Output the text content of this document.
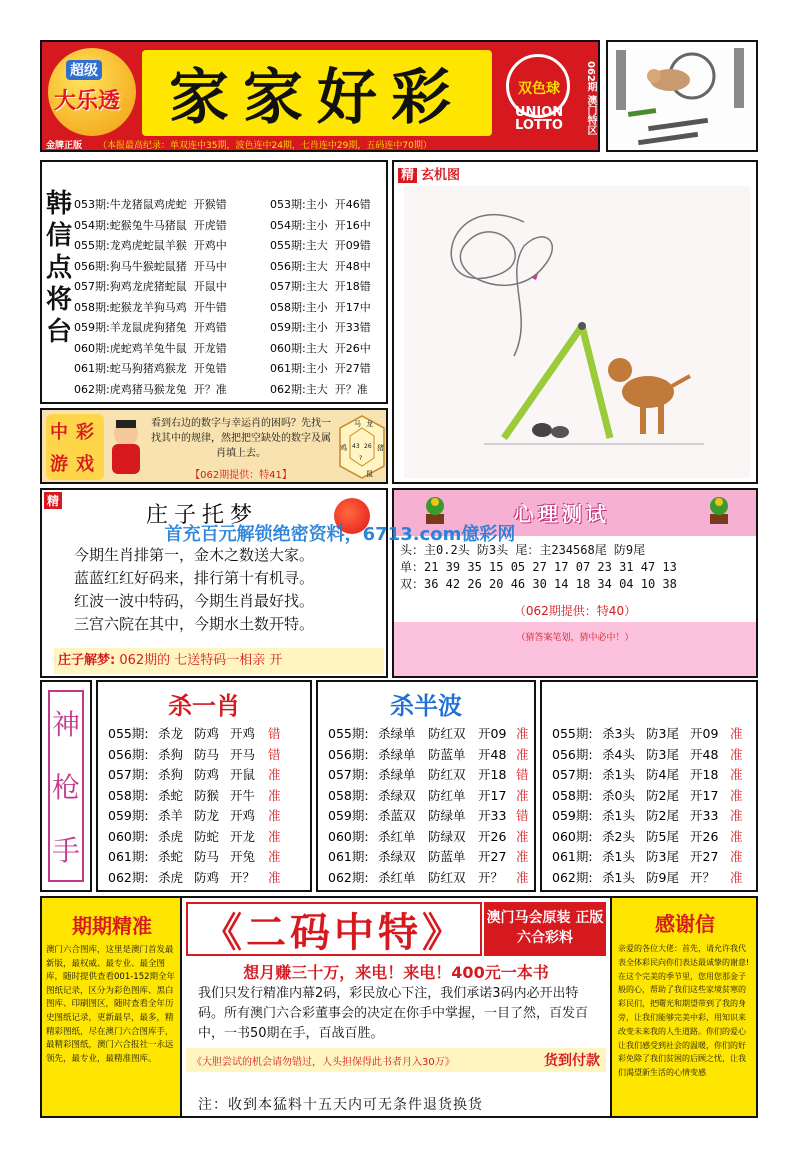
超级
大乐透 家家好彩	双色球
UNION LOTTO
金牌正版 （本报最高纪录：单双连中35期，波色连中24期，七肖连中29期，五码连中70期）
062期 澳门特区
韩信点将台
053期:牛龙猪鼠鸡虎蛇  开猴错
054期:蛇猴兔牛马猪鼠  开虎错
055期:龙鸡虎蛇鼠羊猴  开鸡中
056期:狗马牛猴蛇鼠猪  开马中
057期:狗鸡龙虎猪蛇鼠  开鼠中
058期:蛇猴龙羊狗马鸡  开牛错
059期:羊龙鼠虎狗猪兔  开鸡错
060期:虎蛇鸡羊兔牛鼠  开龙错
061期:蛇马狗猪鸡猴龙  开兔错
062期:虎鸡猪马猴龙兔  开？准
053期:主小  开46错
054期:主小  开16中
055期:主大  开09错
056期:主大  开48中
057期:主大  开18错
058期:主小  开17中
059期:主小  开33错
060期:主大  开26中
061期:主小  开27错
062期:主大  开？准
中 彩
游 戏
看到右边的数字与幸运肖的困吗？先找一找其中的规律，然把把空缺处的数字及属肖填上去。
【062期提供：特41】
马 龙
猪
鼠
鸡 43 26
?
精 玄机图
精
庄子托梦
今期生肖排第一，金木之数送大家。
蓝蓝红红好码来，排行第十有机寻。
红波一波中特码，今期生肖最好找。
三宫六院在其中，今期水土数开特。
庄子解梦: 062期的 七送特码一相亲 开
心理测试
头：主0.2头 防3头 尾：主234568尾 防9尾
单：21 39 35 15 05 27 17 07 23 31 47 13
双：36 42 26 20 46 30 14 18 34 04 10 38
（062期提供：特40）
（猜答案笔划，猜中必中！）
首充百元解锁绝密资料，6713.com億彩网
神
枪
手
杀一肖
055期: 杀龙 防鸡 开鸡	错
056期: 杀狗 防马 开马	错
057期: 杀狗 防鸡 开鼠	准
058期: 杀蛇 防猴 开牛	准
059期: 杀羊 防龙 开鸡	准
060期: 杀虎 防蛇 开龙	准
061期: 杀蛇 防马 开兔	准
062期: 杀虎 防鸡 开？	准
杀半波
055期: 杀绿单 防红双 开09 准
056期: 杀绿单 防蓝单 开48 准
057期: 杀绿单 防红双 开18 错
058期: 杀绿双 防红单 开17 准
059期: 杀蓝双 防绿单 开33 错
060期: 杀红单 防绿双 开26 准
061期: 杀绿双 防蓝单 开27 准
062期: 杀红单 防红双 开？	准
055期: 杀3头 防3尾 开09 准
056期: 杀4头 防3尾 开48 准
057期: 杀1头 防4尾 开18 准
058期: 杀0头 防2尾 开17 准
059期: 杀1头 防2尾 开33 准
060期: 杀2头 防5尾 开26 准
061期: 杀1头 防3尾 开27 准
062期: 杀1头 防9尾 开？	准
期期精准
澳门六合图库，这里是澳门首发最新版，最权威、最专业、最全图库，随时提供查看001-152期全年图纸记录，区分为彩色图库、黑白图库、印刷图区，随时查看全年历史图纸记录，更新最早，最多，精精彩图纸，尽在澳门六合图库手，最精彩图纸，澳门六合报社一永远领先，最专业，最精准图库。
《二码中特》 澳门马会原装 正版六合彩料
想月赚三十万，来电！来电！400元一本书
我们只发行精准内幕2码，彩民放心下注，我们承诺3码内必开出特码。所有澳门六合彩董事会的决定在你手中掌握，一目了然，百发百中，一书50期在手，百战百胜。
《大胆尝试的机会请勿错过，人头担保得此书者月入30万》	货到付款
注：收到本猛料十五天内可无条件退货换货
感谢信
亲爱的各位大佬：首先，请允许我代表全体彩民向你们表达最诚挚的谢意!在这个完美的季节里，您用您那金子般的心，帮助了我们这些家境贫寒的彩民们，把曙光和期望带到了我的身旁，让我们能够完美中彩，用知识来改变未来我的人生道路。你们的爱心让我们感受到社会的温暖，你们的好彩免除了我们贫困的后顾之忧，让我们渴望新生活的心情变感
